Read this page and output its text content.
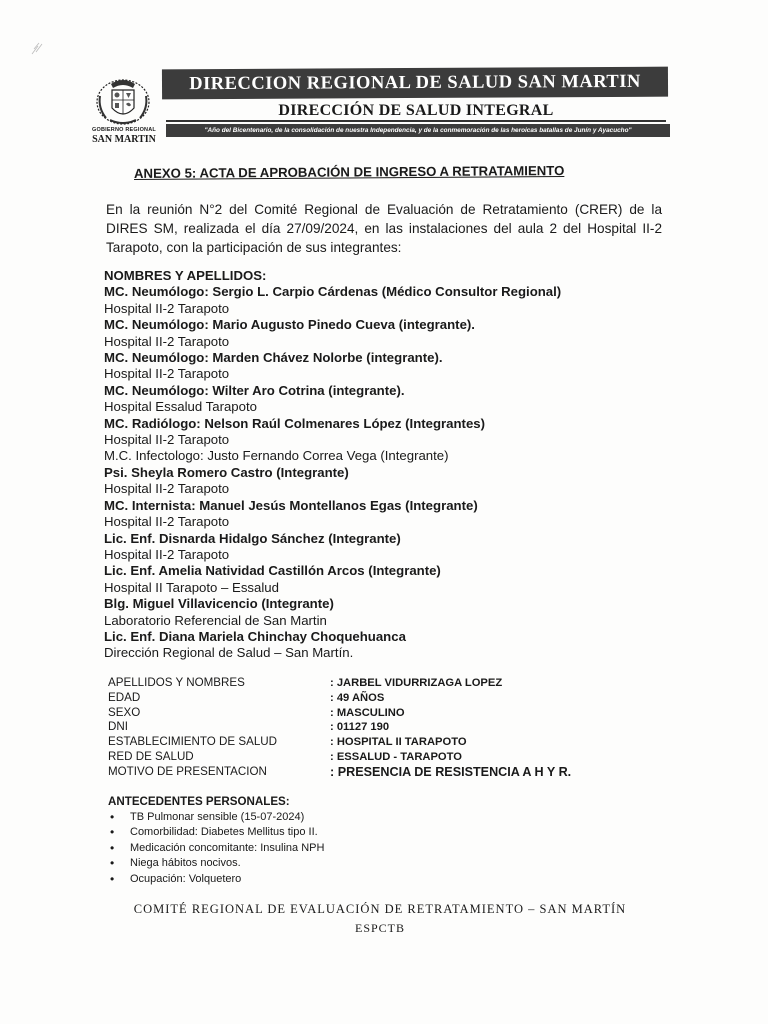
GOBIERNO REGIONAL
SAN MARTIN
DIRECCION REGIONAL DE SALUD SAN MARTIN
DIRECCIÓN DE SALUD INTEGRAL
"Año del Bicentenario, de la consolidación de nuestra Independencia, y de la conmemoración de las heroicas batallas de Junín y Ayacucho"
ANEXO 5: ACTA DE APROBACIÓN DE INGRESO A RETRATAMIENTO
En la reunión N°2 del Comité Regional de Evaluación de Retratamiento (CRER) de la DIRES SM, realizada el día 27/09/2024, en las instalaciones del aula 2 del Hospital II-2 Tarapoto, con la participación de sus integrantes:
NOMBRES Y APELLIDOS:
MC. Neumólogo: Sergio L. Carpio Cárdenas (Médico Consultor Regional)
Hospital II-2 Tarapoto
MC. Neumólogo: Mario Augusto Pinedo Cueva (integrante).
Hospital II-2 Tarapoto
MC. Neumólogo: Marden Chávez Nolorbe (integrante).
Hospital II-2 Tarapoto
MC. Neumólogo: Wilter Aro Cotrina (integrante).
Hospital Essalud Tarapoto
MC. Radiólogo: Nelson Raúl Colmenares López (Integrantes)
Hospital II-2 Tarapoto
M.C. Infectologo: Justo Fernando Correa Vega (Integrante)
Psi. Sheyla Romero Castro (Integrante)
Hospital II-2 Tarapoto
MC. Internista: Manuel Jesús Montellanos Egas (Integrante)
Hospital II-2 Tarapoto
Lic. Enf. Disnarda Hidalgo Sánchez (Integrante)
Hospital II-2 Tarapoto
Lic. Enf. Amelia Natividad Castillón Arcos (Integrante)
Hospital II Tarapoto – Essalud
Blg. Miguel Villavicencio (Integrante)
Laboratorio Referencial de San Martin
Lic. Enf. Diana Mariela Chinchay Choquehuanca
Dirección Regional de Salud – San Martín.
APELLIDOS Y NOMBRES	: JARBEL VIDURRIZAGA LOPEZ
EDAD	: 49 AÑOS
SEXO	: MASCULINO
DNI	: 01127 190
ESTABLECIMIENTO DE SALUD	: HOSPITAL II TARAPOTO
RED DE SALUD	: ESSALUD - TARAPOTO
MOTIVO DE PRESENTACION	: PRESENCIA DE RESISTENCIA A H Y R.
ANTECEDENTES PERSONALES:
• TB Pulmonar sensible (15-07-2024)
• Comorbilidad: Diabetes Mellitus tipo II.
• Medicación concomitante: Insulina NPH
• Niega hábitos nocivos.
• Ocupación: Volquetero
COMITÉ REGIONAL DE EVALUACIÓN DE RETRATAMIENTO – SAN MARTÍN
ESPCTB
